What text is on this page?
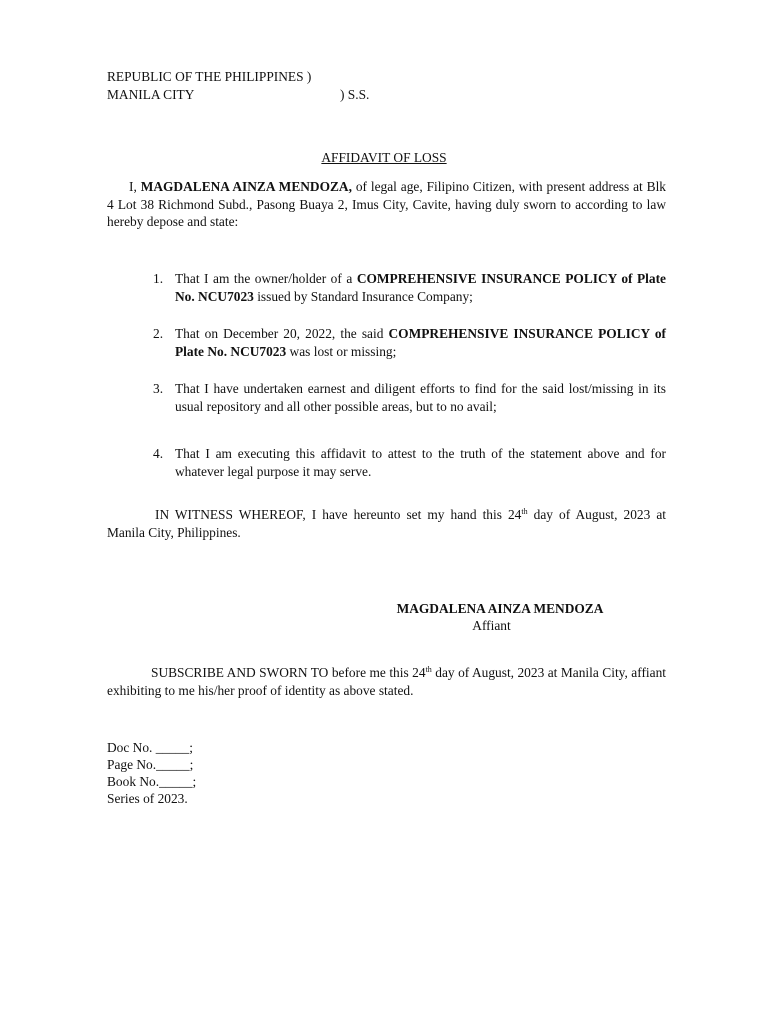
REPUBLIC OF THE PHILIPPINES )
MANILA CITY	) S.S.
AFFIDAVIT OF LOSS
I, MAGDALENA AINZA MENDOZA, of legal age, Filipino Citizen, with present address at Blk 4 Lot 38 Richmond Subd., Pasong Buaya 2, Imus City, Cavite, having duly sworn to according to law hereby depose and state:
1. That I am the owner/holder of a COMPREHENSIVE INSURANCE POLICY of Plate No. NCU7023 issued by Standard Insurance Company;
2. That on December 20, 2022, the said COMPREHENSIVE INSURANCE POLICY of Plate No. NCU7023 was lost or missing;
3. That I have undertaken earnest and diligent efforts to find for the said lost/missing in its usual repository and all other possible areas, but to no avail;
4. That I am executing this affidavit to attest to the truth of the statement above and for whatever legal purpose it may serve.
IN WITNESS WHEREOF, I have hereunto set my hand this 24th day of August, 2023 at Manila City, Philippines.
MAGDALENA AINZA MENDOZA
Affiant
SUBSCRIBE AND SWORN TO before me this 24th day of August, 2023 at Manila City, affiant exhibiting to me his/her proof of identity as above stated.
Doc No. _____;
Page No._____;
Book No._____;
Series of 2023.
